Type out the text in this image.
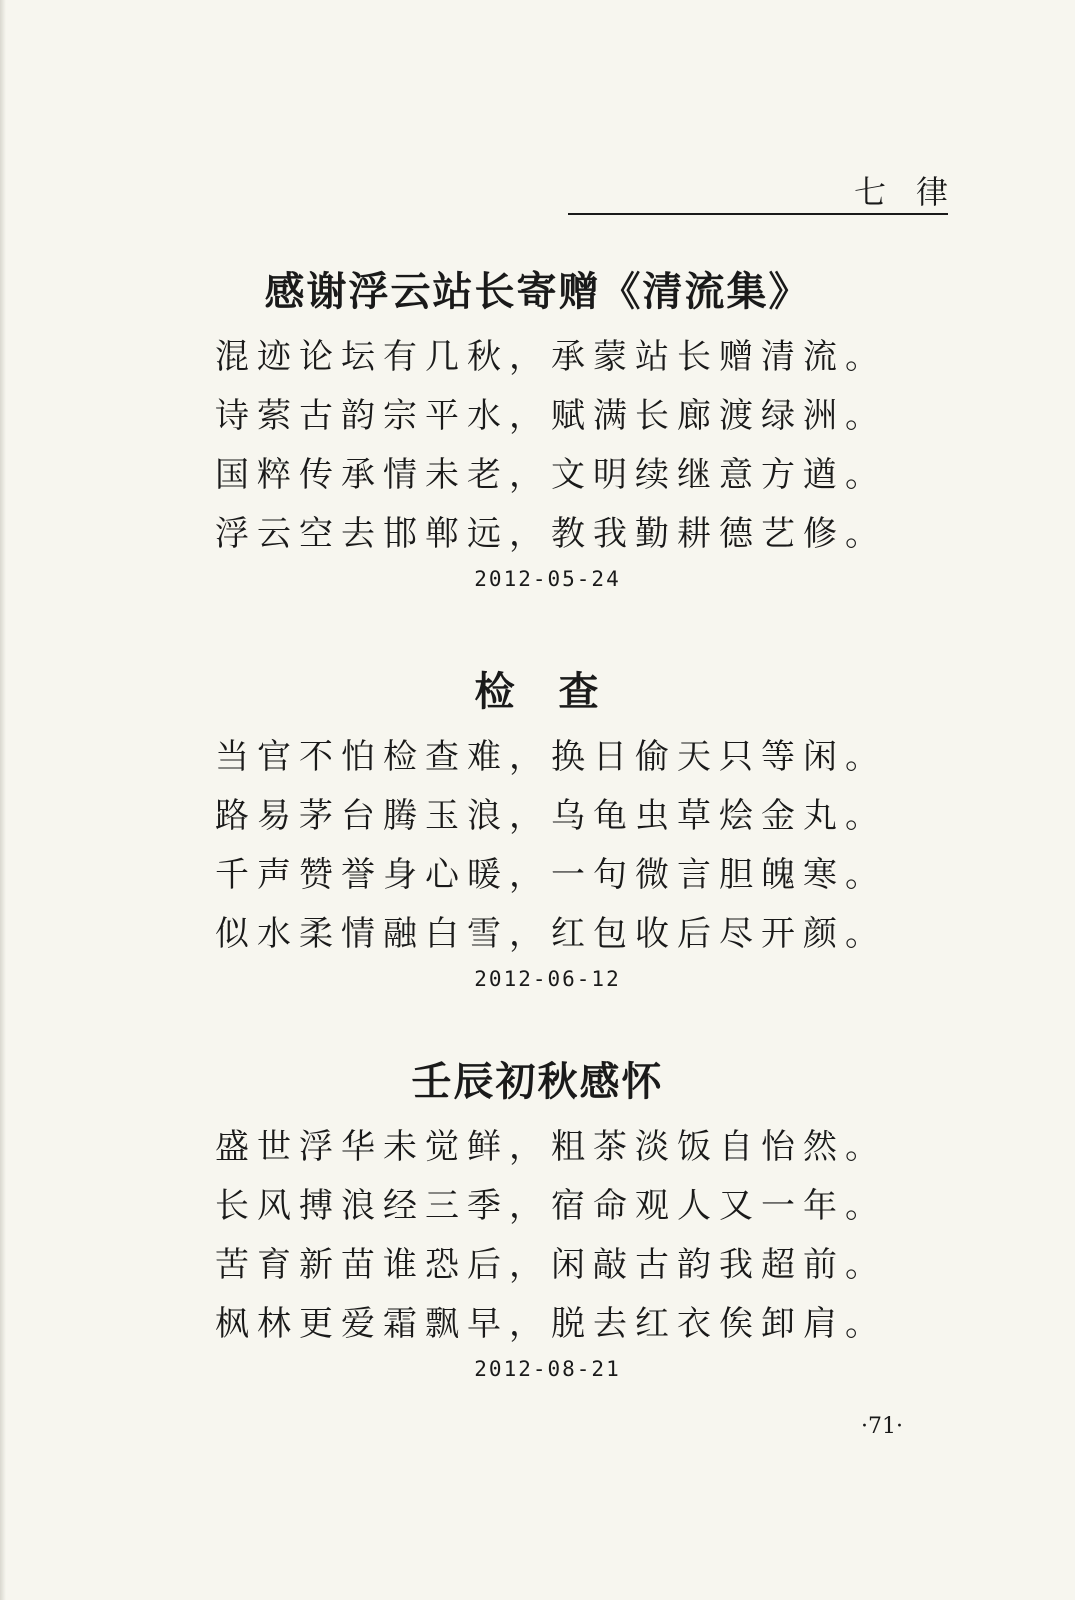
七律
感谢浮云站长寄赠《清流集》
混迹论坛有几秋，承蒙站长赠清流。
诗萦古韵宗平水，赋满长廊渡绿洲。
国粹传承情未老，文明续继意方遒。
浮云空去邯郸远，教我勤耕德艺修。
2012-05-24
检　查
当官不怕检查难，换日偷天只等闲。
路易茅台腾玉浪，乌龟虫草烩金丸。
千声赞誉身心暖，一句微言胆魄寒。
似水柔情融白雪，红包收后尽开颜。
2012-06-12
壬辰初秋感怀
盛世浮华未觉鲜，粗茶淡饭自怡然。
长风搏浪经三季，宿命观人又一年。
苦育新苗谁恐后，闲敲古韵我超前。
枫林更爱霜飘早，脱去红衣俟卸肩。
2012-08-21
·71·
